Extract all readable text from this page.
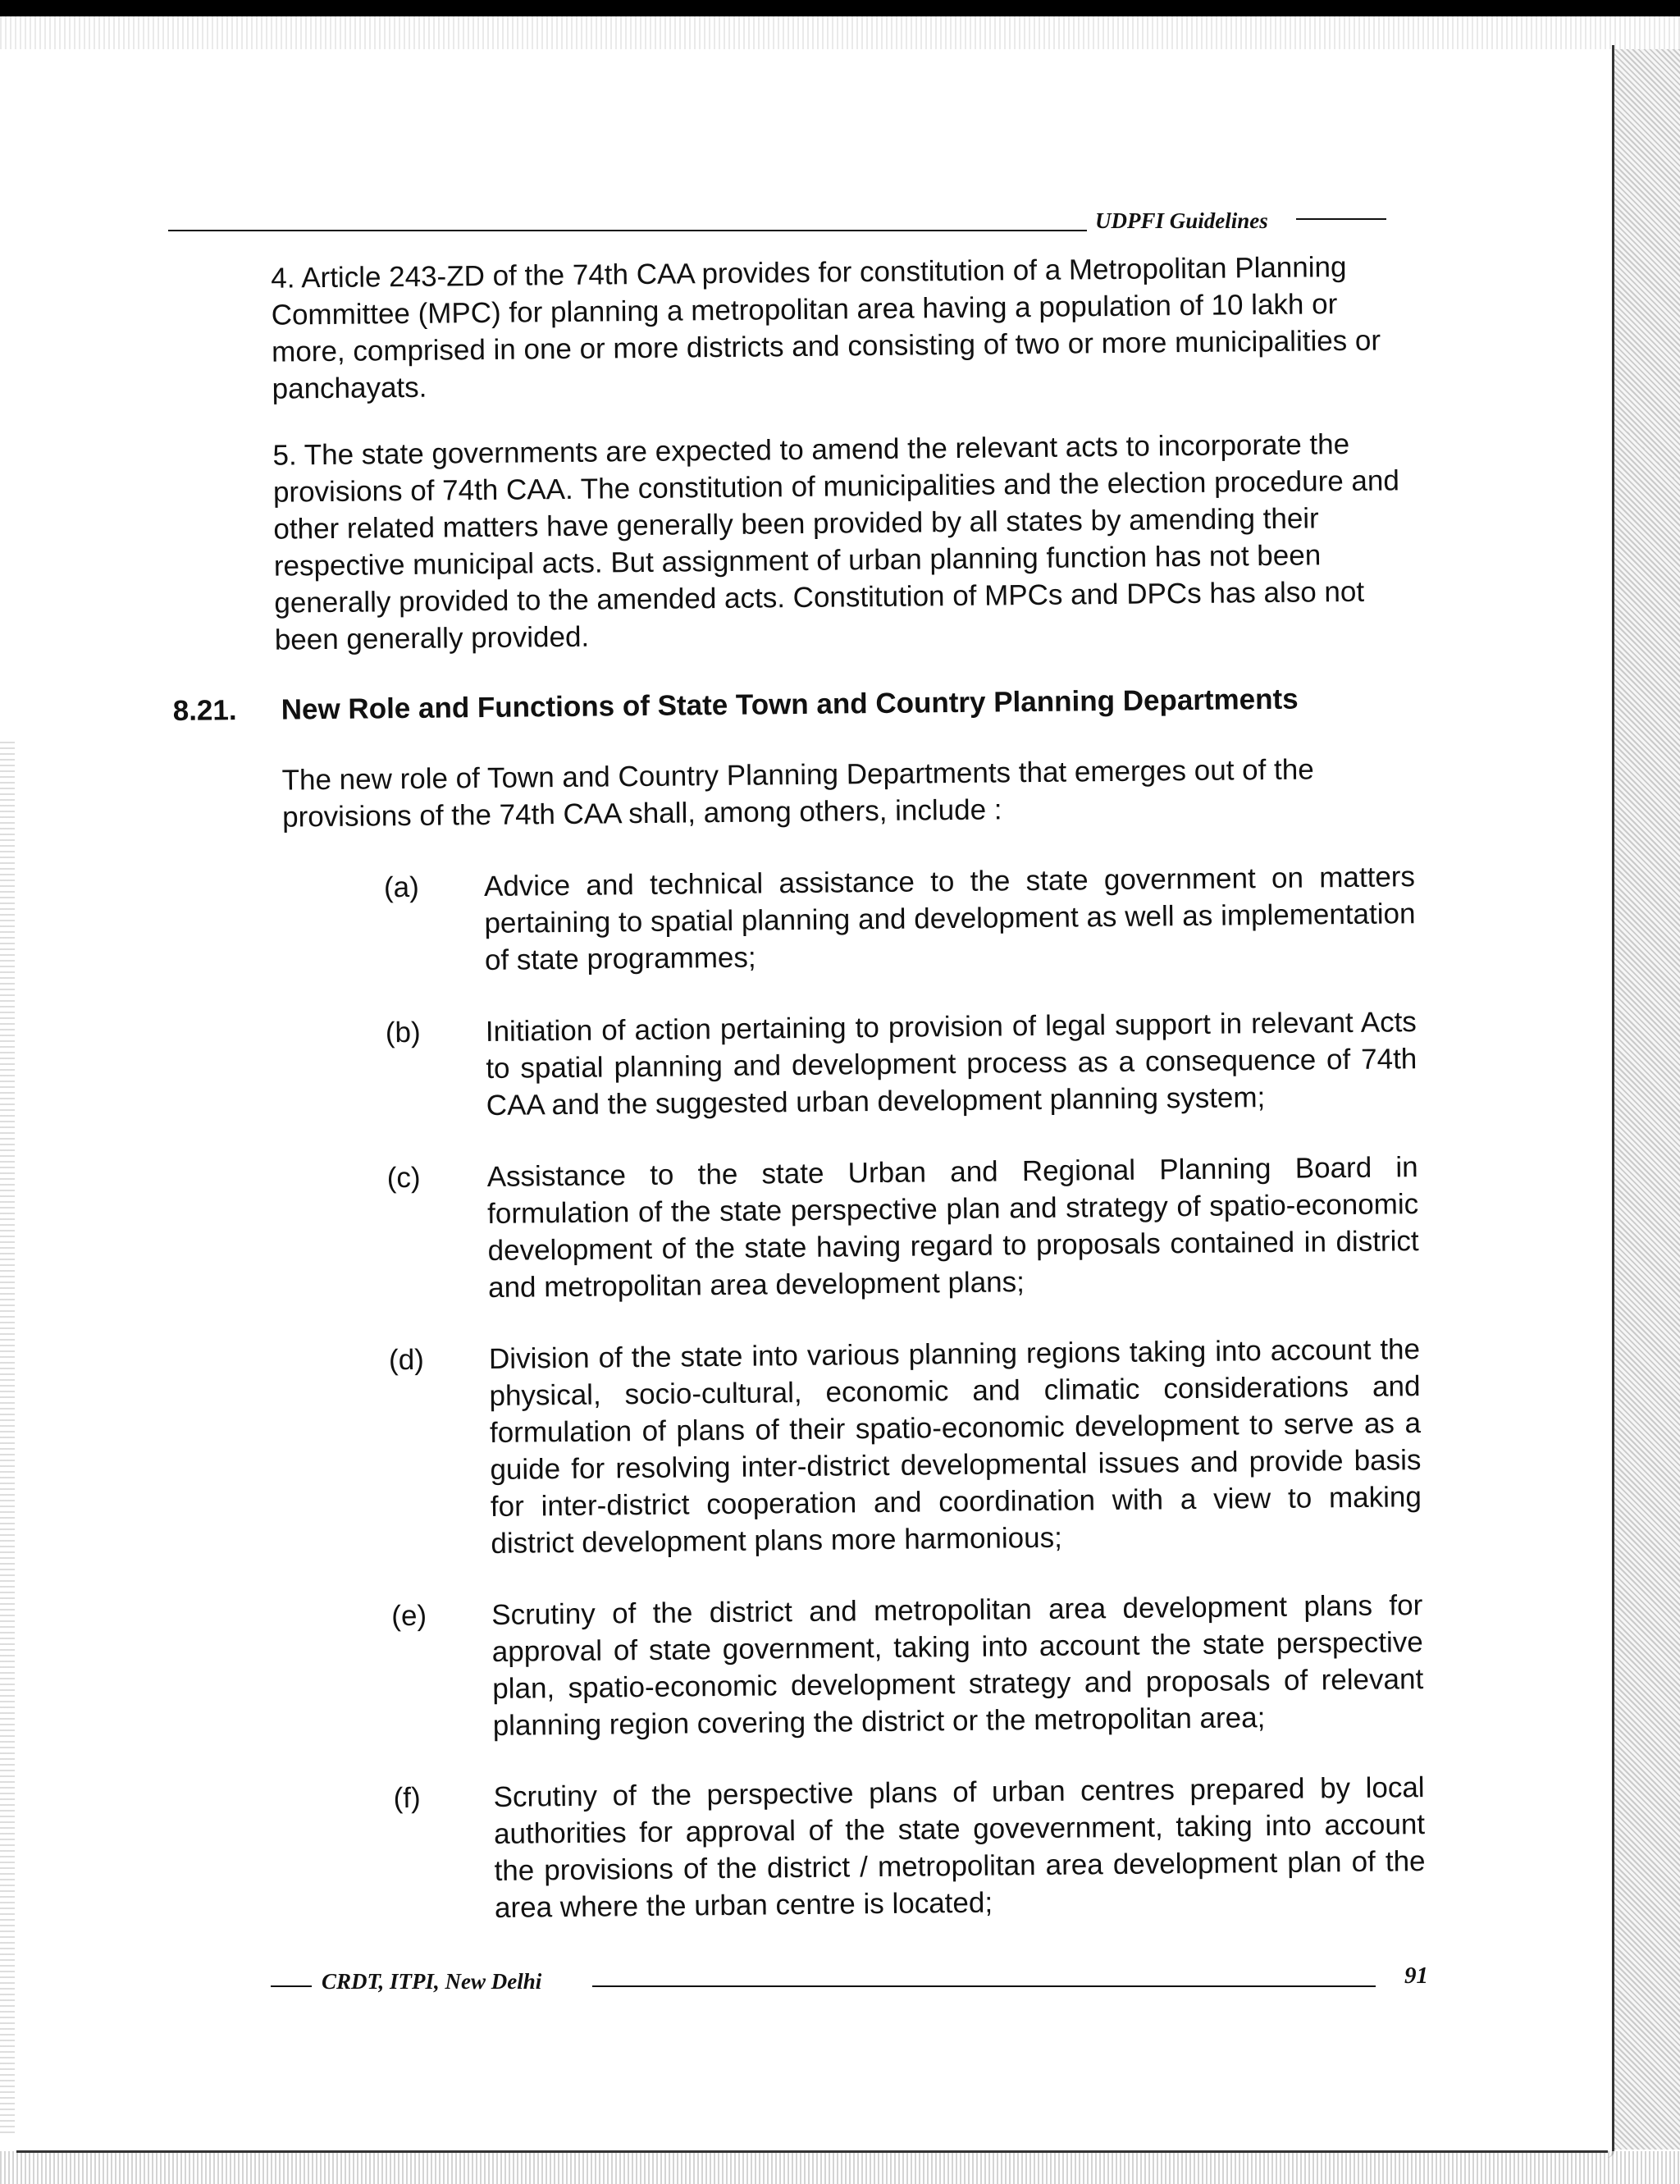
UDPFI Guidelines

4. Article 243-ZD of the 74th CAA provides for constitution of a Metropolitan Planning Committee (MPC) for planning a metropolitan area having a population of 10 lakh or more, comprised in one or more districts and consisting of two or more municipalities or panchayats.

5. The state governments are expected to amend the relevant acts to incorporate the provisions of 74th CAA. The constitution of municipalities and the election procedure and other related matters have generally been provided by all states by amending their respective municipal acts. But assignment of urban planning function has not been generally provided to the amended acts. Constitution of MPCs and DPCs has also not been generally provided.

8.21. New Role and Functions of State Town and Country Planning Departments

The new role of Town and Country Planning Departments that emerges out of the provisions of the 74th CAA shall, among others, include :

(a) Advice and technical assistance to the state government on matters pertaining to spatial planning and development as well as implementation of state programmes;
(b) Initiation of action pertaining to provision of legal support in relevant Acts to spatial planning and development process as a consequence of 74th CAA and the suggested urban development planning system;
(c) Assistance to the state Urban and Regional Planning Board in formulation of the state perspective plan and strategy of spatio-economic development of the state having regard to proposals contained in district and metropolitan area development plans;
(d) Division of the state into various planning regions taking into account the physical, socio-cultural, economic and climatic considerations and formulation of plans of their spatio-economic development to serve as a guide for resolving inter-district developmental issues and provide basis for inter-district cooperation and coordination with a view to making district development plans more harmonious;
(e) Scrutiny of the district and metropolitan area development plans for approval of state government, taking into account the state perspective plan, spatio-economic development strategy and proposals of relevant planning region covering the district or the metropolitan area;
(f)	Scrutiny of the perspective plans of urban centres prepared by local authorities for approval of the state govevernment, taking into account the provisions of the district / metropolitan area development plan of the area where the urban centre is located;
CRDT, ITPI, New Delhi	91
